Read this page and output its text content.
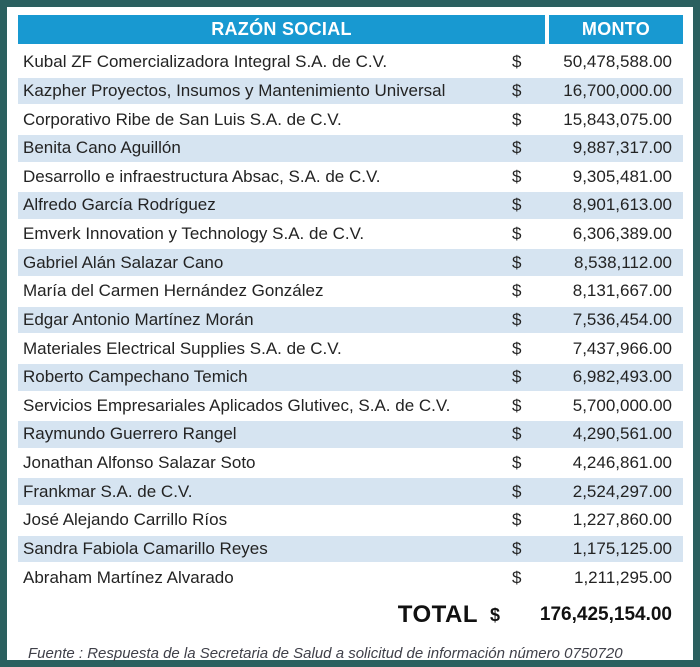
RAZÓN SOCIAL	MONTO
Kubal ZF Comercializadora Integral S.A. de C.V.	$	50,478,588.00
Kazpher Proyectos, Insumos y Mantenimiento Universal	$	16,700,000.00
Corporativo Ribe de San Luis S.A. de C.V.	$	15,843,075.00
Benita Cano Aguillón	$	9,887,317.00
Desarrollo e infraestructura Absac, S.A. de C.V.	$	9,305,481.00
Alfredo García Rodríguez	$	8,901,613.00
Emverk Innovation y Technology S.A. de C.V.	$	6,306,389.00
Gabriel Alán Salazar Cano	$	8,538,112.00
María del Carmen Hernández González	$	8,131,667.00
Edgar Antonio Martínez Morán	$	7,536,454.00
Materiales Electrical Supplies S.A. de C.V.	$	7,437,966.00
Roberto Campechano Temich	$	6,982,493.00
Servicios Empresariales Aplicados Glutivec, S.A. de C.V.	$	5,700,000.00
Raymundo Guerrero Rangel	$	4,290,561.00
Jonathan Alfonso Salazar Soto	$	4,246,861.00
Frankmar S.A. de C.V.	$	2,524,297.00
José Alejando Carrillo Ríos	$	1,227,860.00
Sandra Fabiola Camarillo Reyes	$	1,175,125.00
Abraham Martínez Alvarado	$	1,211,295.00
TOTAL $	176,425,154.00
Fuente : Respuesta de la Secretaria de Salud a solicitud de información número 0750720
